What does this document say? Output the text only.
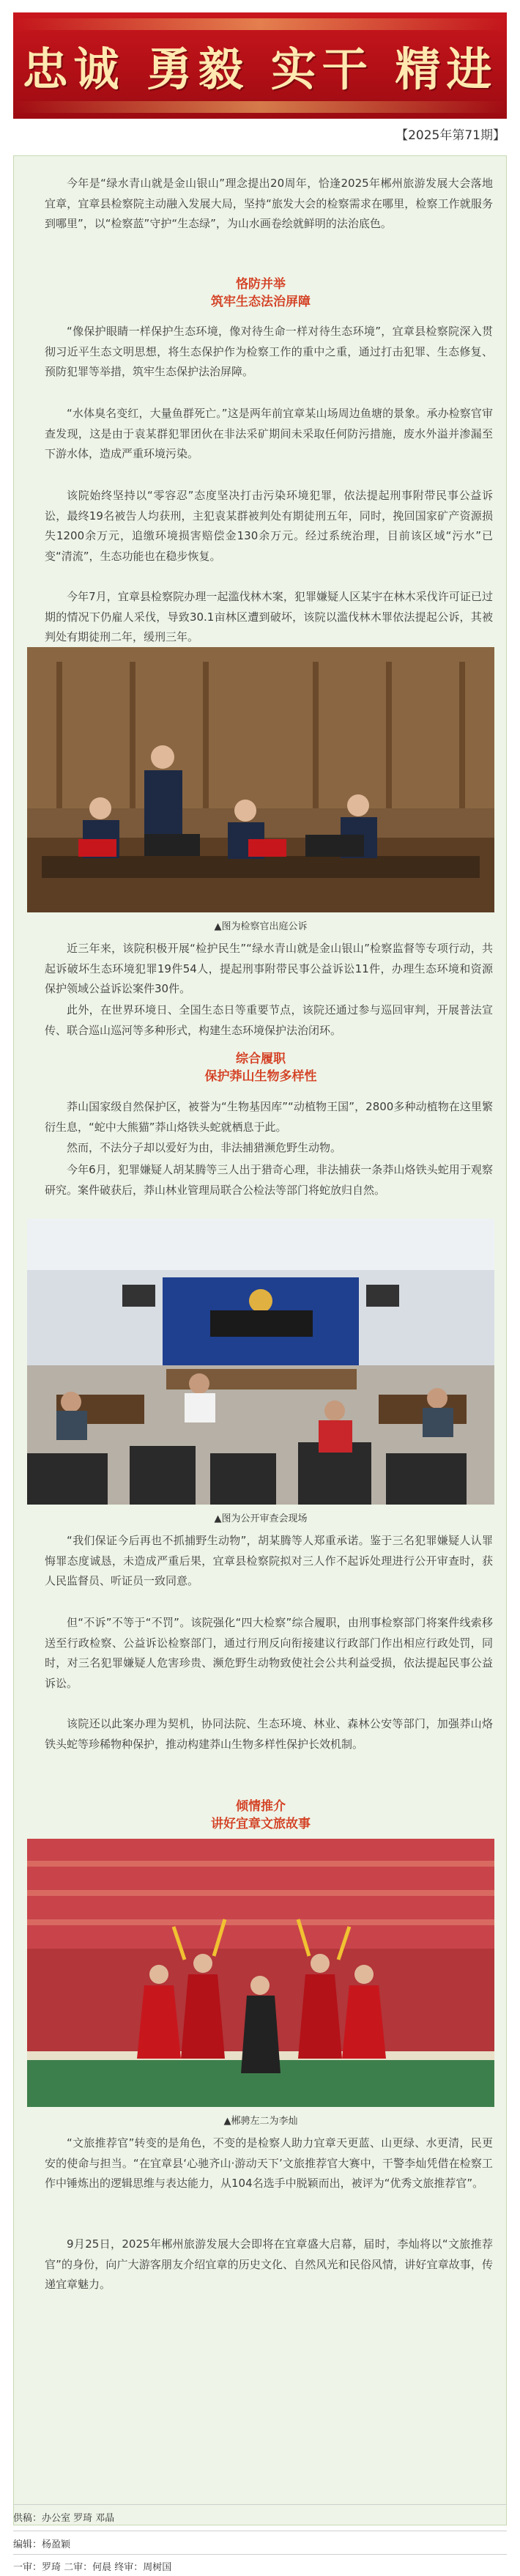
忠诚 勇毅 实干 精进
【2025年第71期】

今年是“绿水青山就是金山银山”理念提出20周年，恰逢2025年郴州旅游发展大会落地宜章，宜章县检察院主动融入发展大局，坚持“旅发大会的检察需求在哪里，检察工作就服务到哪里”，以“检察蓝”守护“生态绿”，为山水画卷绘就鲜明的法治底色。

恪防并举
筑牢生态法治屏障

“像保护眼睛一样保护生态环境，像对待生命一样对待生态环境”，宜章县检察院深入贯彻习近平生态文明思想，将生态保护作为检察工作的重中之重，通过打击犯罪、生态修复、预防犯罪等举措，筑牢生态保护法治屏障。

“水体臭名变红，大量鱼群死亡。”这是两年前宜章某山场周边鱼塘的景象。承办检察官审查发现，这是由于袁某群犯罪团伙在非法采矿期间未采取任何防污措施，废水外溢并渗漏至下游水体，造成严重环境污染。

该院始终坚持以“零容忍”态度坚决打击污染环境犯罪，依法提起刑事附带民事公益诉讼，最终19名被告人均获刑，主犯袁某群被判处有期徒刑五年，同时，挽回国家矿产资源损失1200余万元，追缴环境损害赔偿金130余万元。经过系统治理，目前该区域“污水”已变“清流”，生态功能也在稳步恢复。

今年7月，宜章县检察院办理一起滥伐林木案，犯罪嫌疑人区某宇在林木采伐许可证已过期的情况下仍雇人采伐，导致30.1亩林区遭到破坏，该院以滥伐林木罪依法提起公诉，其被判处有期徒刑二年，缓刑三年。

▲图为检察官出庭公诉

近三年来，该院积极开展“检护民生”“绿水青山就是金山银山”检察监督等专项行动，共起诉破坏生态环境犯罪19件54人，提起刑事附带民事公益诉讼11件，办理生态环境和资源保护领域公益诉讼案件30件。

此外，在世界环境日、全国生态日等重要节点，该院还通过参与巡回审判，开展普法宣传、联合巡山巡河等多种形式，构建生态环境保护法治闭环。

综合履职
保护莽山生物多样性

莽山国家级自然保护区，被誉为“生物基因库”“动植物王国”，2800多种动植物在这里繁衍生息，“蛇中大熊猫”莽山烙铁头蛇就栖息于此。

然而，不法分子却以爱好为由，非法捕猎濒危野生动物。

今年6月，犯罪嫌疑人胡某腾等三人出于猎奇心理，非法捕获一条莽山烙铁头蛇用于观察研究。案件破获后，莽山林业管理局联合公检法等部门将蛇放归自然。

▲图为公开审查会现场

“我们保证今后再也不抓捕野生动物”，胡某腾等人郑重承诺。鉴于三名犯罪嫌疑人认罪悔罪态度诚恳，未造成严重后果，宜章县检察院拟对三人作不起诉处理进行公开审查时，获人民监督员、听证员一致同意。

但“不诉”不等于“不罚”。该院强化“四大检察”综合履职，由刑事检察部门将案件线索移送至行政检察、公益诉讼检察部门，通过行刑反向衔接建议行政部门作出相应行政处罚，同时，对三名犯罪嫌疑人危害珍贵、濒危野生动物致使社会公共利益受损，依法提起民事公益诉讼。

该院还以此案办理为契机，协同法院、生态环境、林业、森林公安等部门，加强莽山烙铁头蛇等珍稀物种保护，推动构建莽山生物多样性保护长效机制。

倾情推介
讲好宜章文旅故事
▲郴骋左二为李灿

“文旅推荐官”转变的是角色，不变的是检察人助力宜章天更蓝、山更绿、水更清，民更安的使命与担当。“在宜章县‘心驰齐山·游动天下’文旅推荐官大赛中，干警李灿凭借在检察工作中锤炼出的逻辑思维与表达能力，从104名选手中脱颖而出，被评为“优秀文旅推荐官”。

9月25日，2025年郴州旅游发展大会即将在宜章盛大启幕，届时，李灿将以“文旅推荐官”的身份，向广大游客朋友介绍宜章的历史文化、自然风光和民俗风情，讲好宜章故事，传递宜章魅力。

供稿：办公室 罗琦 邓晶
编辑：杨盈颖
一审：罗琦 二审：何晨 终审：周树国
